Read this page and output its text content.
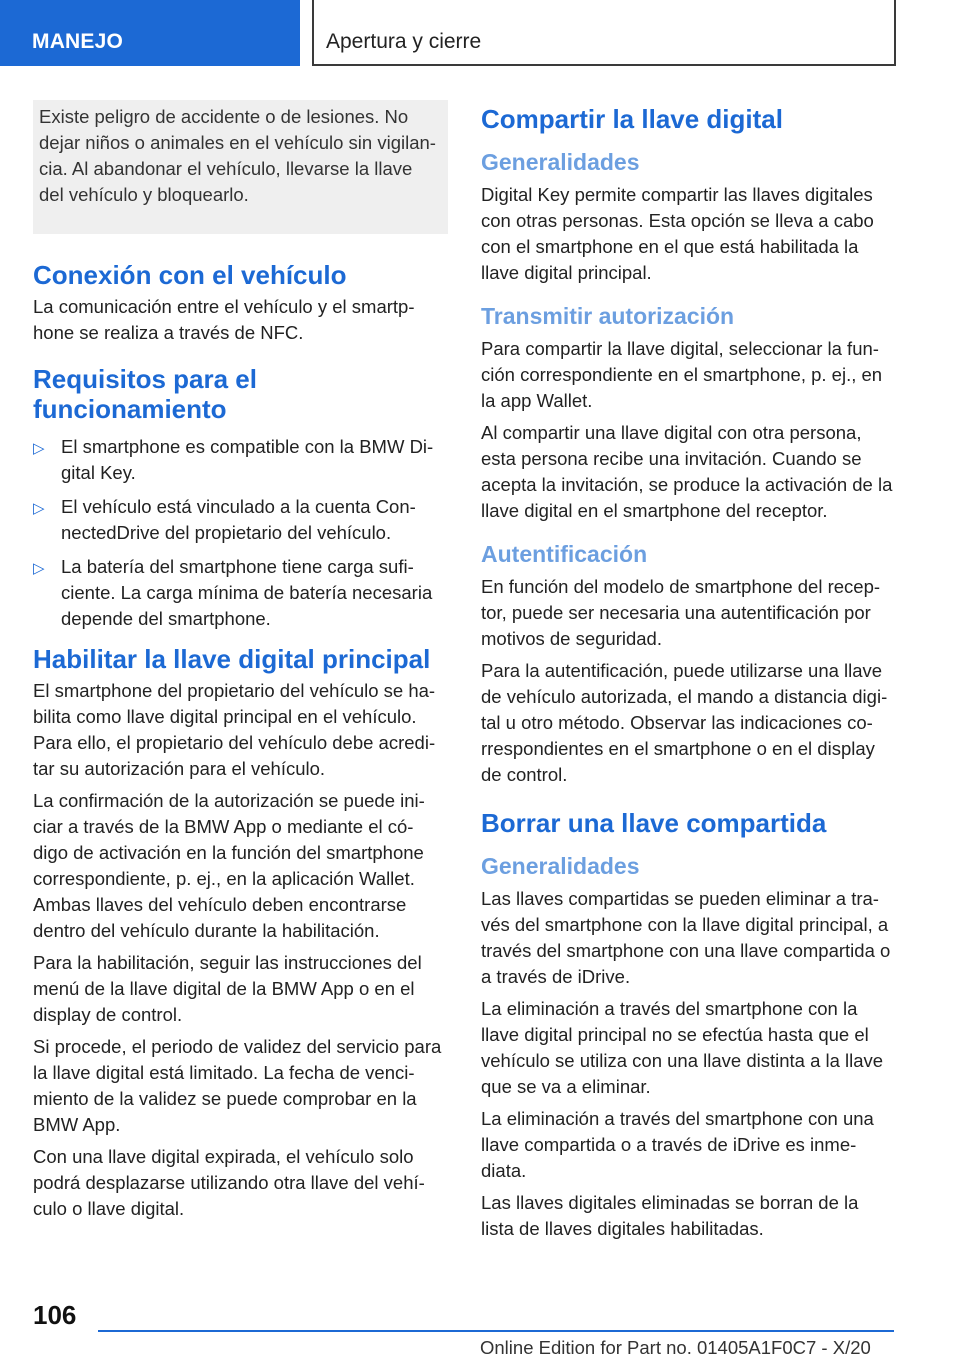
MANEJO	Apertura y cierre

Existe peligro de accidente o de lesiones. No dejar niños o animales en el vehículo sin vigilan-cia. Al abandonar el vehículo, llevarse la llave del vehículo y bloquearlo.

Conexión con el vehículo

La comunicación entre el vehículo y el smartp-hone se realiza a través de NFC.

Requisitos para el funcionamiento
▷ El smartphone es compatible con la BMW Di-gital Key.
▷ El vehículo está vinculado a la cuenta Con-nectedDrive del propietario del vehículo.
▷ La batería del smartphone tiene carga sufi-ciente. La carga mínima de batería necesaria depende del smartphone.
Habilitar la llave digital principal

El smartphone del propietario del vehículo se ha-bilita como llave digital principal en el vehículo. Para ello, el propietario del vehículo debe acredi-tar su autorización para el vehículo.

La confirmación de la autorización se puede ini-ciar a través de la BMW App o mediante el có-digo de activación en la función del smartphone correspondiente, p. ej., en la aplicación Wallet. Ambas llaves del vehículo deben encontrarse dentro del vehículo durante la habilitación.

Para la habilitación, seguir las instrucciones del menú de la llave digital de la BMW App o en el display de control.

Si procede, el periodo de validez del servicio para la llave digital está limitado. La fecha de venci-miento de la validez se puede comprobar en la BMW App.

Con una llave digital expirada, el vehículo solo podrá desplazarse utilizando otra llave del vehí-culo o llave digital.

Compartir la llave digital
Generalidades

Digital Key permite compartir las llaves digitales con otras personas. Esta opción se lleva a cabo con el smartphone en el que está habilitada la llave digital principal.

Transmitir autorización

Para compartir la llave digital, seleccionar la fun-ción correspondiente en el smartphone, p. ej., en la app Wallet.

Al compartir una llave digital con otra persona, esta persona recibe una invitación. Cuando se acepta la invitación, se produce la activación de la llave digital en el smartphone del receptor.

Autentificación

En función del modelo de smartphone del recep-tor, puede ser necesaria una autentificación por motivos de seguridad.

Para la autentificación, puede utilizarse una llave de vehículo autorizada, el mando a distancia digi-tal u otro método. Observar las indicaciones co-rrespondientes en el smartphone o en el display de control.

Borrar una llave compartida
Generalidades

Las llaves compartidas se pueden eliminar a tra-vés del smartphone con la llave digital principal, a través del smartphone con una llave compartida o a través de iDrive.

La eliminación a través del smartphone con la llave digital principal no se efectúa hasta que el vehículo se utiliza con una llave distinta a la llave que se va a eliminar.

La eliminación a través del smartphone con una llave compartida o a través de iDrive es inme-diata.

Las llaves digitales eliminadas se borran de la lista de llaves digitales habilitadas.

106
Online Edition for Part no. 01405A1F0C7 - X/20
